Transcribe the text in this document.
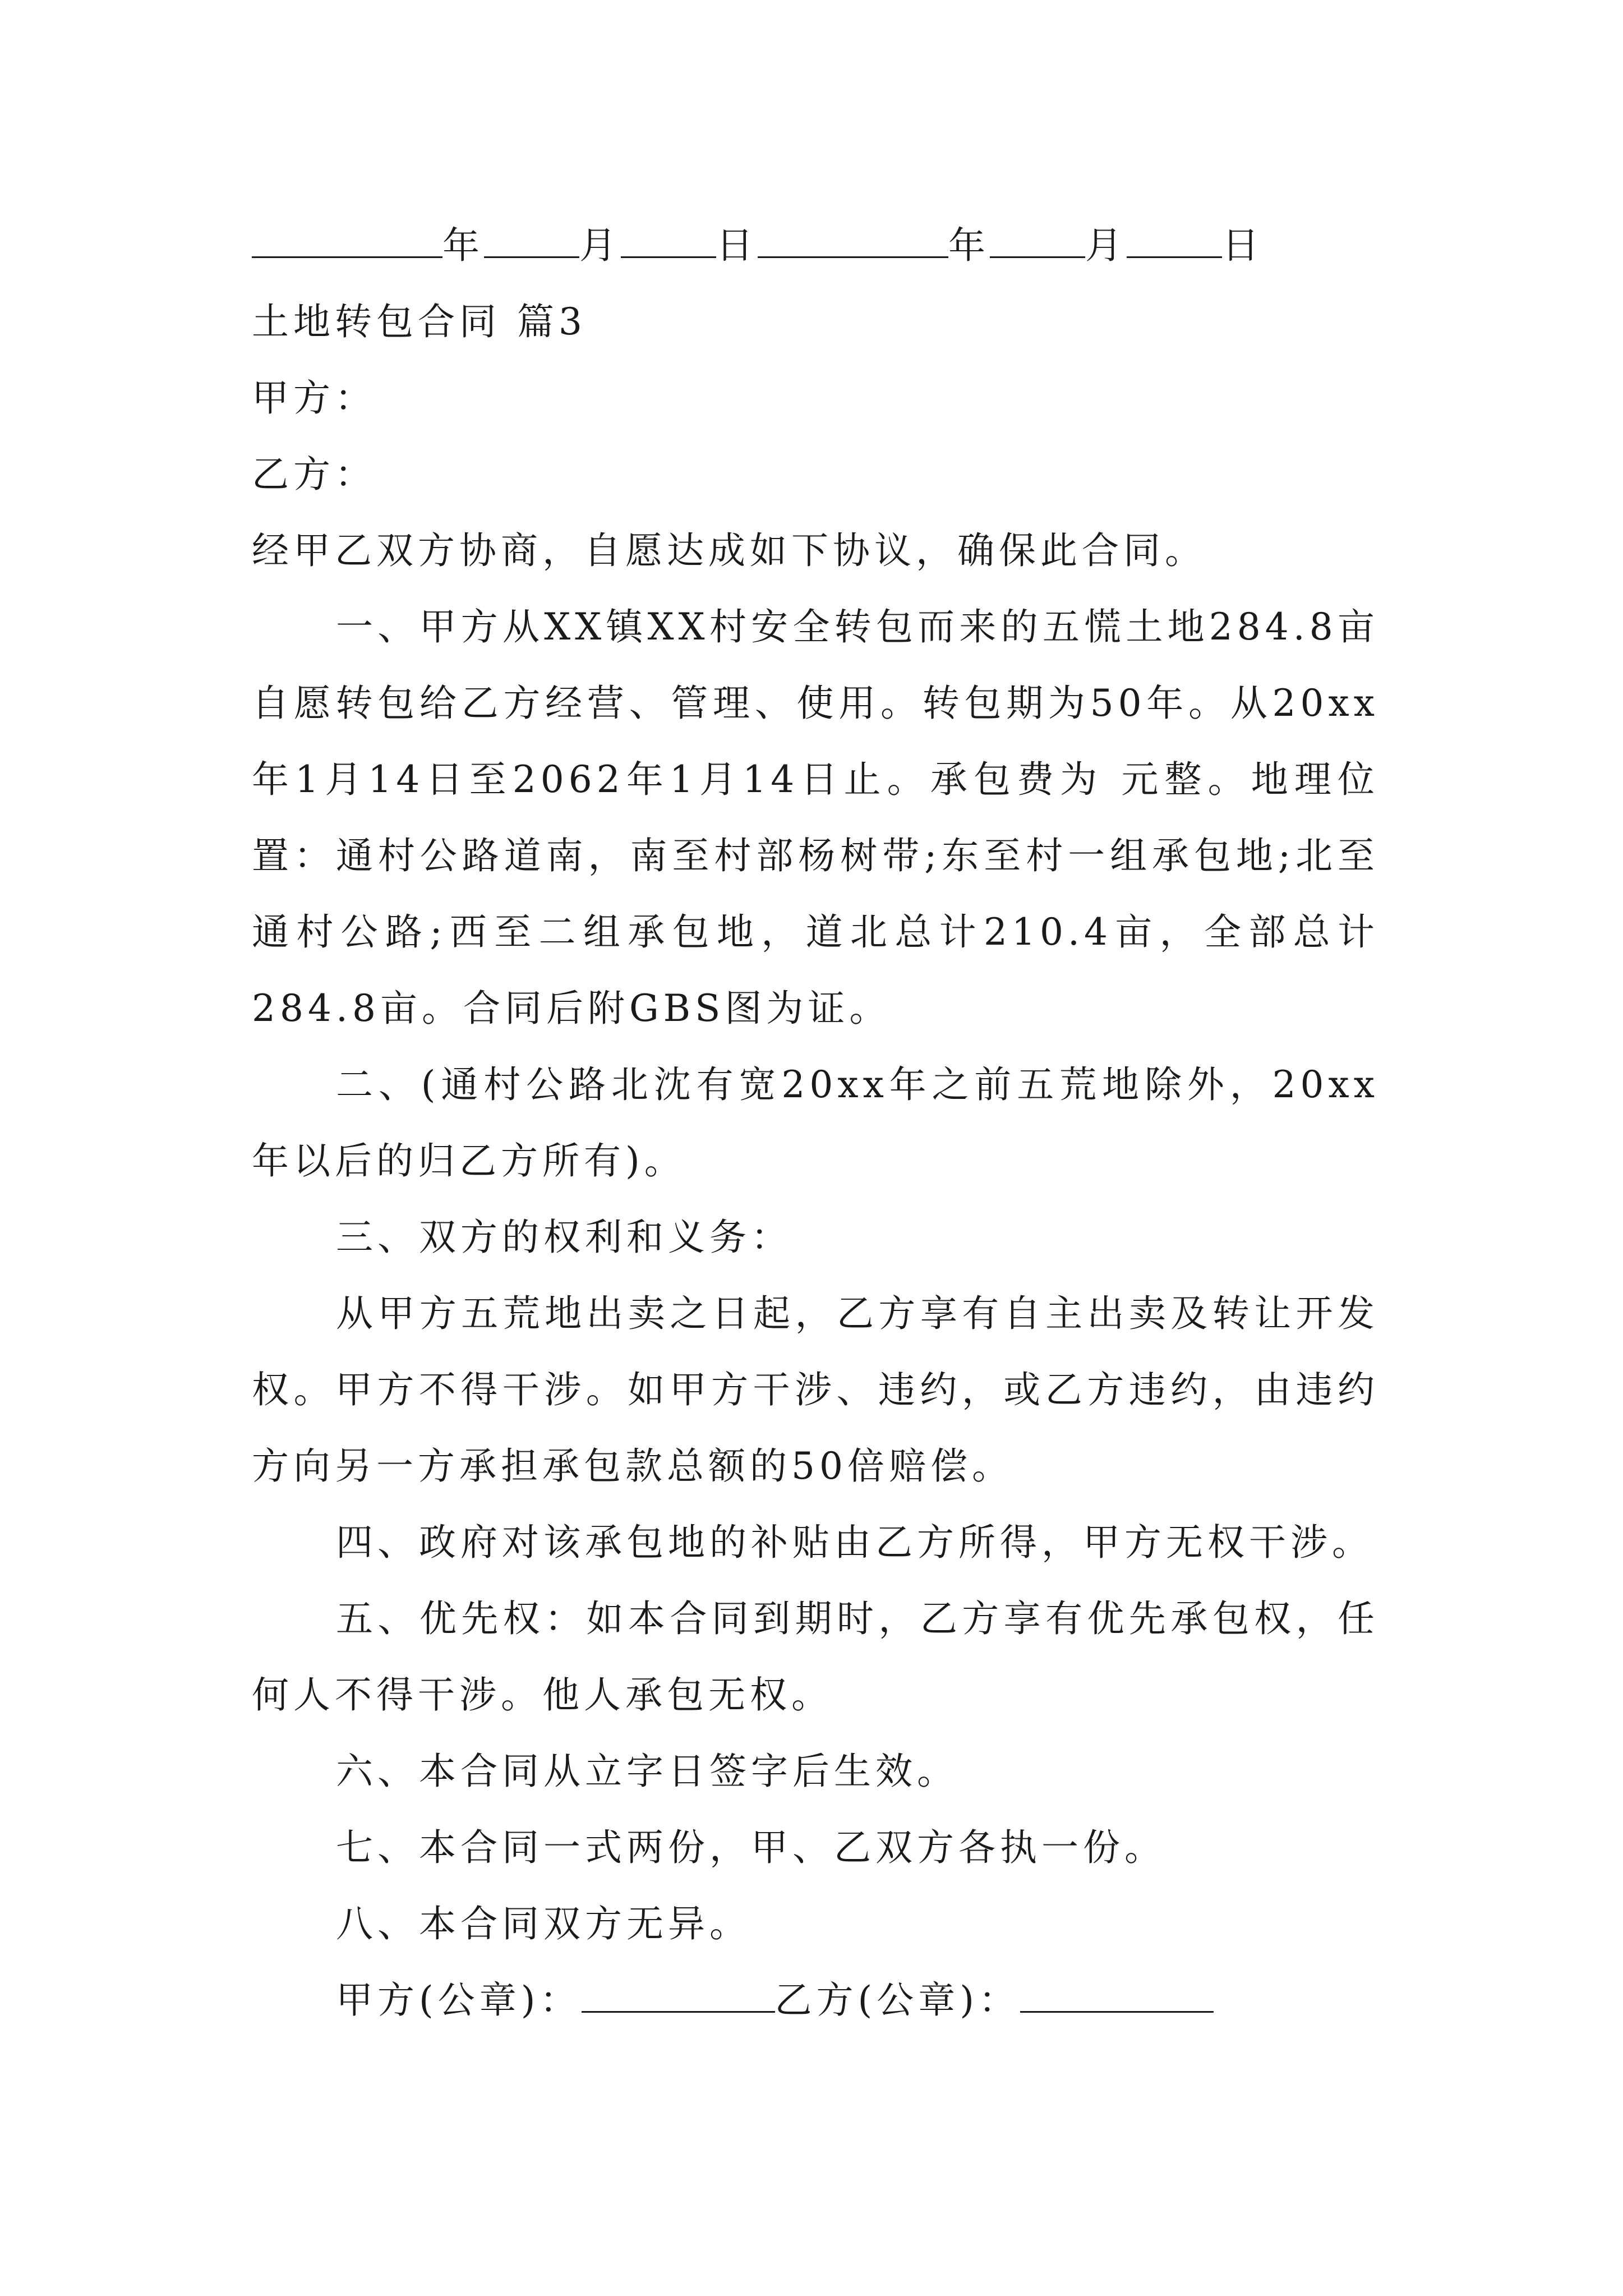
年	月	日	年	月	日
土地转包合同 篇3
甲方：
乙方：
经甲乙双方协商，自愿达成如下协议，确保此合同。

一、甲方从XX镇XX村安全转包而来的五慌土地284.8亩自愿转包给乙方经营、管理、使用。转包期为50年。从20xx年1月14日至2062年1月14日止。承包费为 元整。地理位置：通村公路道南，南至村部杨树带;东至村一组承包地;北至通村公路;西至二组承包地，道北总计210.4亩，全部总计284.8亩。合同后附GBS图为证。

二、(通村公路北沈有宽20xx年之前五荒地除外，20xx年以后的归乙方所有)。

三、双方的权利和义务：

从甲方五荒地出卖之日起，乙方享有自主出卖及转让开发权。甲方不得干涉。如甲方干涉、违约，或乙方违约，由违约方向另一方承担承包款总额的50倍赔偿。

四、政府对该承包地的补贴由乙方所得，甲方无权干涉。

五、优先权：如本合同到期时，乙方享有优先承包权，任何人不得干涉。他人承包无权。

六、本合同从立字日签字后生效。
七、本合同一式两份，甲、乙双方各执一份。
八、本合同双方无异。
甲方(公章)：	乙方(公章)：
